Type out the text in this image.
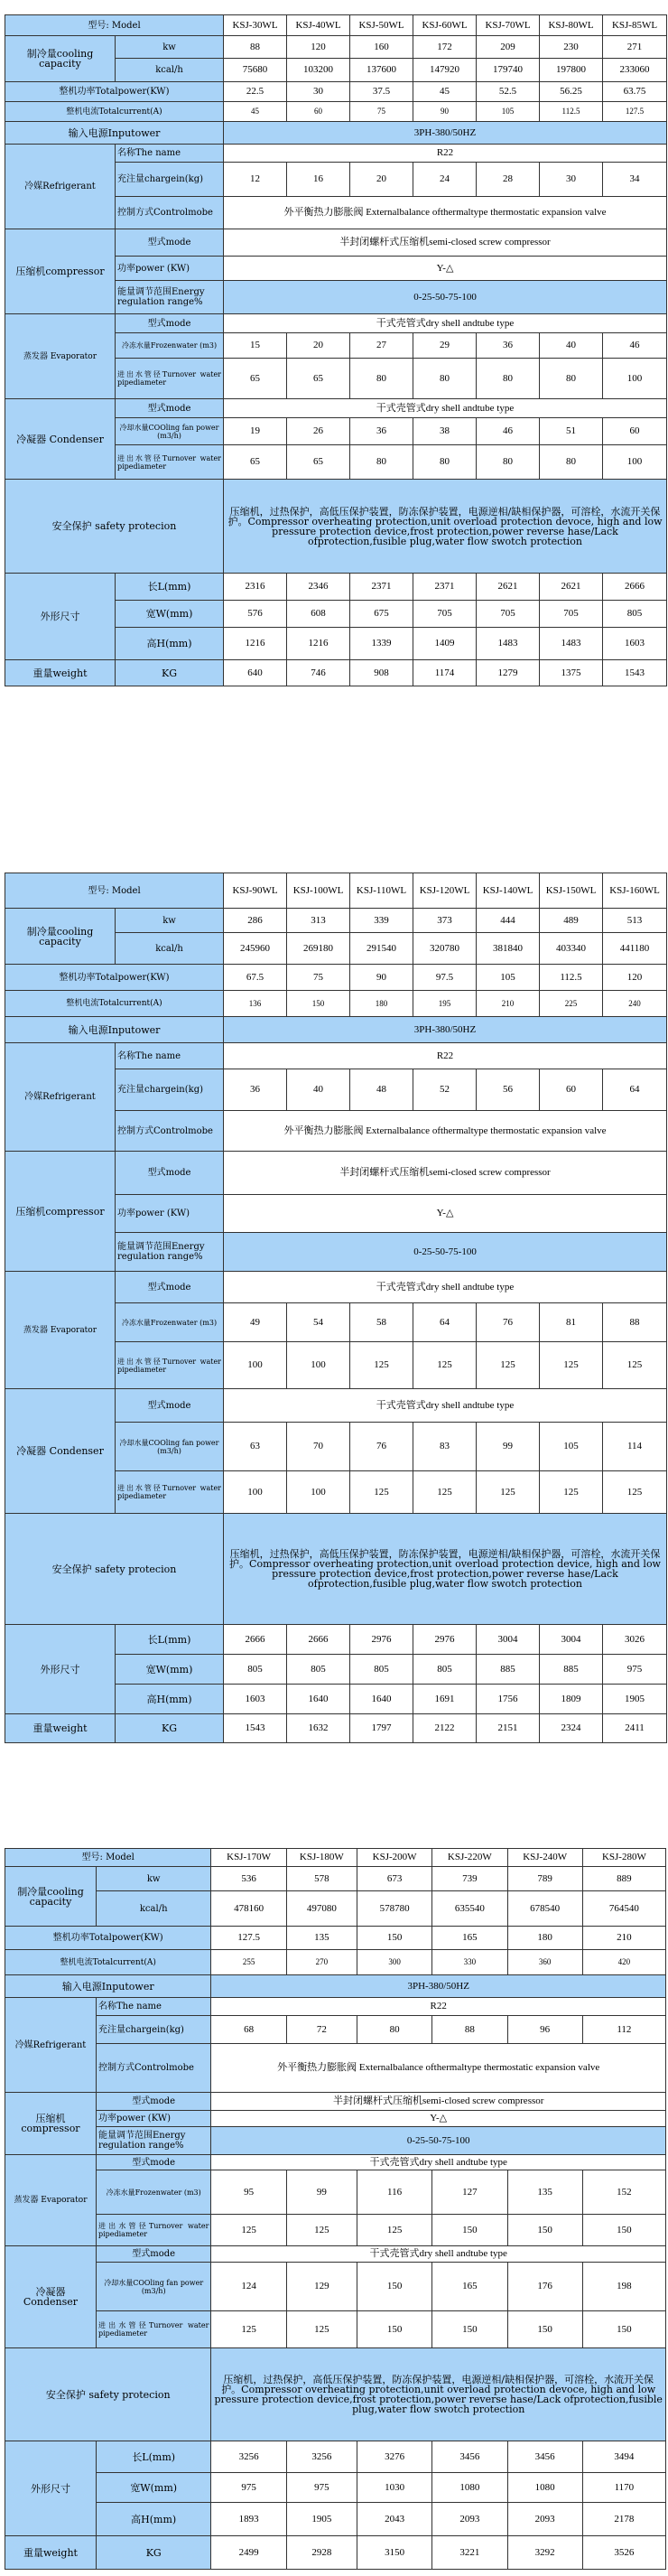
型号: Model		KSJ-30WL	KSJ-40WL	KSJ-50WL	KSJ-60WL	KSJ-70WL	KSJ-80WL	KSJ-85WL
制冷量cooling capacity	kw	88	120	160	172	209	230	271
	kcal/h	75680	103200	137600	147920	179740	197800	233060
整机功率Totalpower(KW)		22.5	30	37.5	45	52.5	56.25	63.75
整机电流Totalcurrent(A)		45	60	75	90	105	112.5	127.5
输入电源Inputower		3PH-380/50HZ						
冷媒Refrigerant	名称The name	R22						
	充注量chargein(kg)	12	16	20	24	28	30	34
	控制方式Controlmobe	外平衡热力膨胀阀 Externalbalance ofthermaltype thermostatic expansion valve						
压缩机compressor	型式mode	半封闭螺杆式压缩机semi-closed screw compressor						
	功率power (KW)	Y-△						
	能量调节范围Energy regulation range%	0-25-50-75-100						
蒸发器 Evaporator	型式mode	干式壳管式dry shell andtube type						
	冷冻水量Frozenwater (m3)	15	20	27	29	36	40	46
	进出水管径Turnover water pipediameter	65	65	80	80	80	80	100
冷凝器 Condenser	型式mode	干式壳管式dry shell andtube type						
	冷却水量COOling fan power (m3/h)	19	26	36	38	46	51	60
	进出水管径Turnover water pipediameter	65	65	80	80	80	80	100
安全保护 safety protecion		压缩机，过热保护，高低压保护装置，防冻保护装置，电源逆相/缺相保护器，可溶栓，水流开关保护。Compressor overheating protection,unit overload protection devoce, high and low pressure protection device,frost protection,power reverse hase/Lack ofprotection,fusible plug,water flow swotch protection						
外形尺寸	长L(mm)	2316	2346	2371	2371	2621	2621	2666
	宽W(mm)	576	608	675	705	705	705	805
	高H(mm)	1216	1216	1339	1409	1483	1483	1603
重量weight	KG	640	746	908	1174	1279	1375	1543
型号: Model		KSJ-90WL	KSJ-100WL	KSJ-110WL	KSJ-120WL	KSJ-140WL	KSJ-150WL	KSJ-160WL
制冷量cooling capacity	kw	286	313	339	373	444	489	513
	kcal/h	245960	269180	291540	320780	381840	403340	441180
整机功率Totalpower(KW)		67.5	75	90	97.5	105	112.5	120
整机电流Totalcurrent(A)		136	150	180	195	210	225	240
输入电源Inputower		3PH-380/50HZ						
冷媒Refrigerant	名称The name	R22						
	充注量chargein(kg)	36	40	48	52	56	60	64
	控制方式Controlmobe	外平衡热力膨胀阀 Externalbalance ofthermaltype thermostatic expansion valve						
压缩机compressor	型式mode	半封闭螺杆式压缩机semi-closed screw compressor						
	功率power (KW)	Y-△						
	能量调节范围Energy regulation range%	0-25-50-75-100						
蒸发器 Evaporator	型式mode	干式壳管式dry shell andtube type						
	冷冻水量Frozenwater (m3)	49	54	58	64	76	81	88
	进出水管径Turnover water pipediameter	100	100	125	125	125	125	125
冷凝器 Condenser	型式mode	干式壳管式dry shell andtube type						
	冷却水量COOling fan power (m3/h)	63	70	76	83	99	105	114
	进出水管径Turnover water pipediameter	100	100	125	125	125	125	125
安全保护 safety protecion		压缩机，过热保护，高低压保护装置，防冻保护装置，电源逆相/缺相保护器，可溶栓，水流开关保护。Compressor overheating protection,unit overload protection device, high and low pressure protection device,frost protection,power reverse hase/Lack ofprotection,fusible plug,water flow swotch protection						
外形尺寸	长L(mm)	2666	2666	2976	2976	3004	3004	3026
	宽W(mm)	805	805	805	805	885	885	975
	高H(mm)	1603	1640	1640	1691	1756	1809	1905
重量weight	KG	1543	1632	1797	2122	2151	2324	2411
型号: Model		KSJ-170W	KSJ-180W	KSJ-200W	KSJ-220W	KSJ-240W	KSJ-280W
制冷量cooling capacity	kw	536	578	673	739	789	889
	kcal/h	478160	497080	578780	635540	678540	764540
整机功率Totalpower(KW)		127.5	135	150	165	180	210
整机电流Totalcurrent(A)		255	270	300	330	360	420
输入电源Inputower		3PH-380/50HZ					
冷媒Refrigerant	名称The name	R22					
	充注量chargein(kg)	68	72	80	88	96	112
	控制方式Controlmobe	外平衡热力膨胀阀 Externalbalance ofthermaltype thermostatic expansion valve					
压缩机compressor	型式mode	半封闭螺杆式压缩机semi-closed screw compressor					
	功率power (KW)	Y-△					
	能量调节范围Energy regulation range%	0-25-50-75-100					
蒸发器 Evaporator	型式mode	干式壳管式dry shell andtube type					
	冷冻水量Frozenwater (m3)	95	99	116	127	135	152
	进出水管径Turnover water pipediameter	125	125	125	150	150	150
冷凝器 Condenser	型式mode	干式壳管式dry shell andtube type					
	冷却水量COOling fan power (m3/h)	124	129	150	165	176	198
	进出水管径Turnover water pipediameter	125	125	150	150	150	150
安全保护 safety protecion		压缩机，过热保护，高低压保护装置，防冻保护装置，电源逆相/缺相保护器，可溶栓，水流开关保护。Compressor overheating protection,unit overload protection devoce, high and low pressure protection device,frost protection,power reverse hase/Lack ofprotection,fusible plug,water flow swotch protection					
外形尺寸	长L(mm)	3256	3256	3276	3456	3456	3494
	宽W(mm)	975	975	1030	1080	1080	1170
	高H(mm)	1893	1905	2043	2093	2093	2178
重量weight	KG	2499	2928	3150	3221	3292	3526
